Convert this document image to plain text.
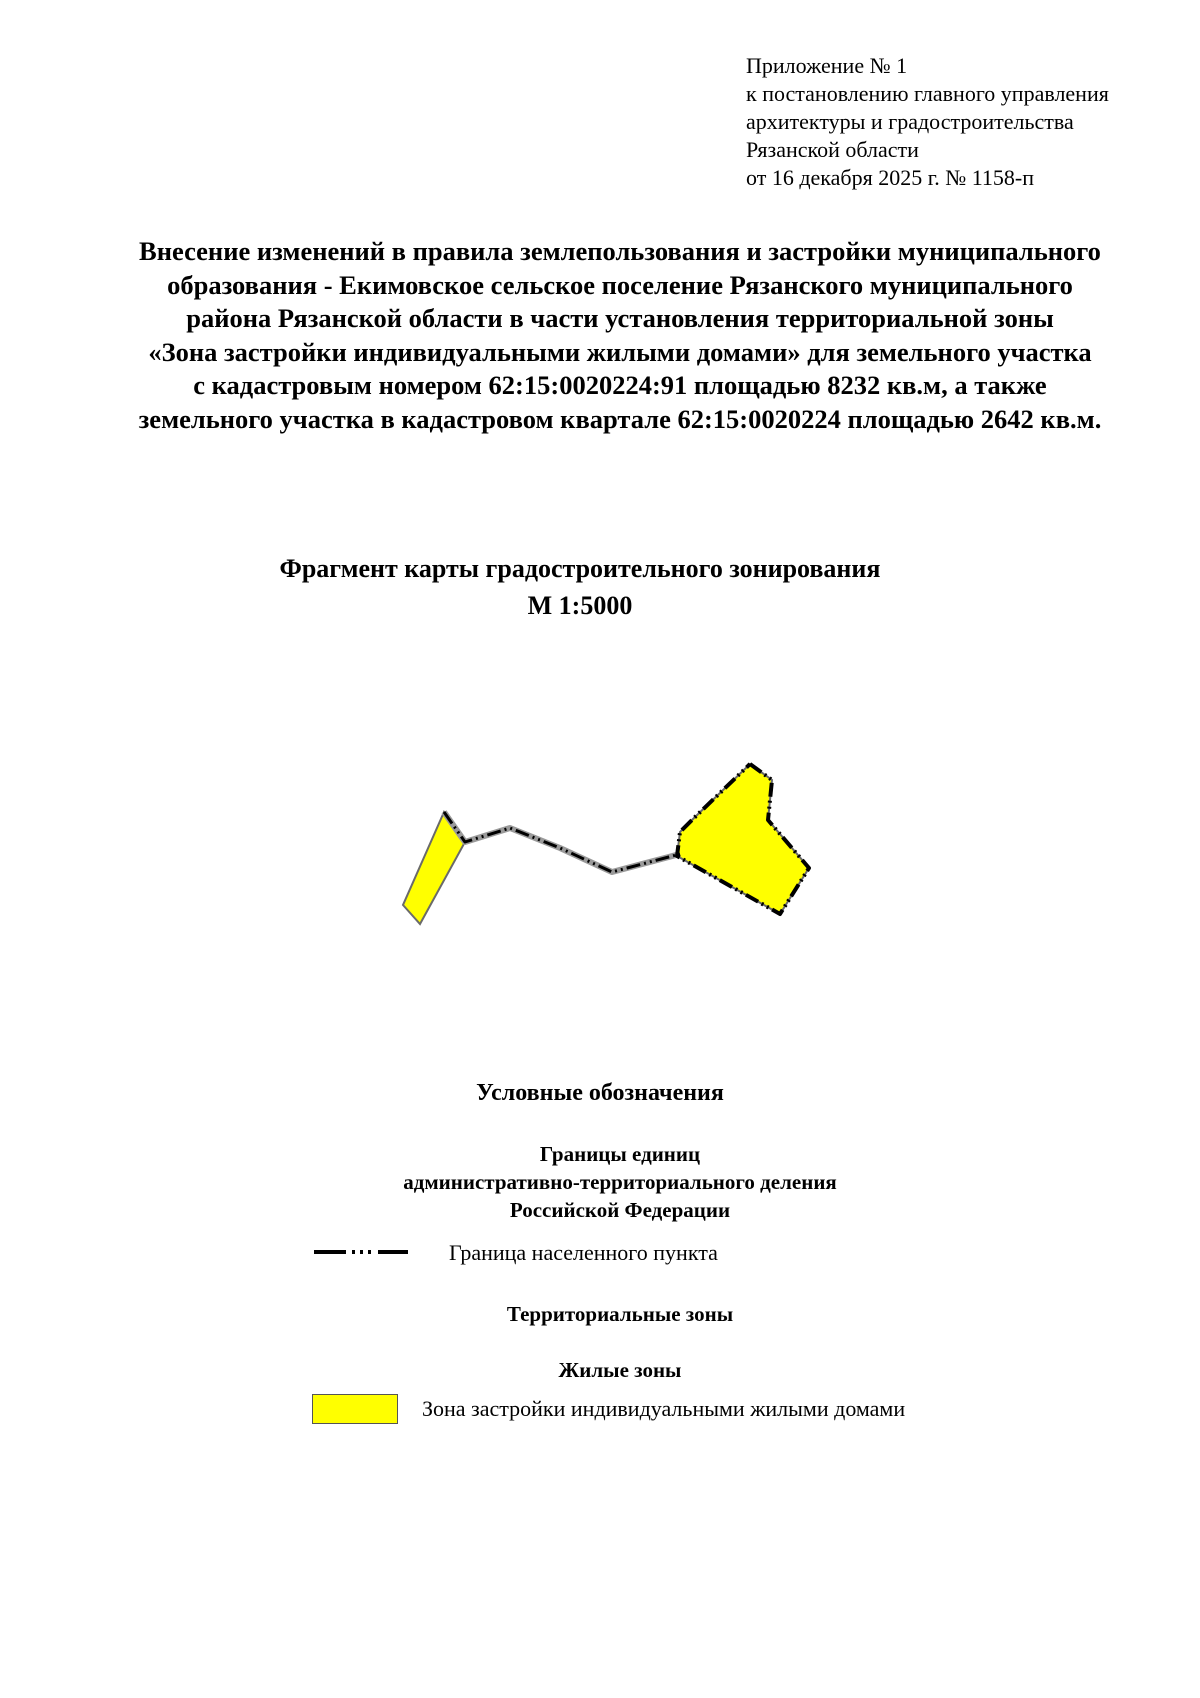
Приложение № 1
к постановлению главного управления
архитектуры и градостроительства
Рязанской области
от 16 декабря 2025 г. № 1158-п
Внесение изменений в правила землепользования и застройки муниципального
образования - Екимовское сельское поселение Рязанского муниципального
района Рязанской области в части установления территориальной зоны
«Зона застройки индивидуальными жилыми домами» для земельного участка
с кадастровым номером 62:15:0020224:91 площадью 8232 кв.м, а также
земельного участка в кадастровом квартале 62:15:0020224 площадью 2642 кв.м.
Фрагмент карты градостроительного зонирования
М 1:5000
Условные обозначения
Границы единиц
административно-территориального деления
Российской Федерации
Граница населенного пункта
Территориальные зоны
Жилые зоны
Зона застройки индивидуальными жилыми домами
